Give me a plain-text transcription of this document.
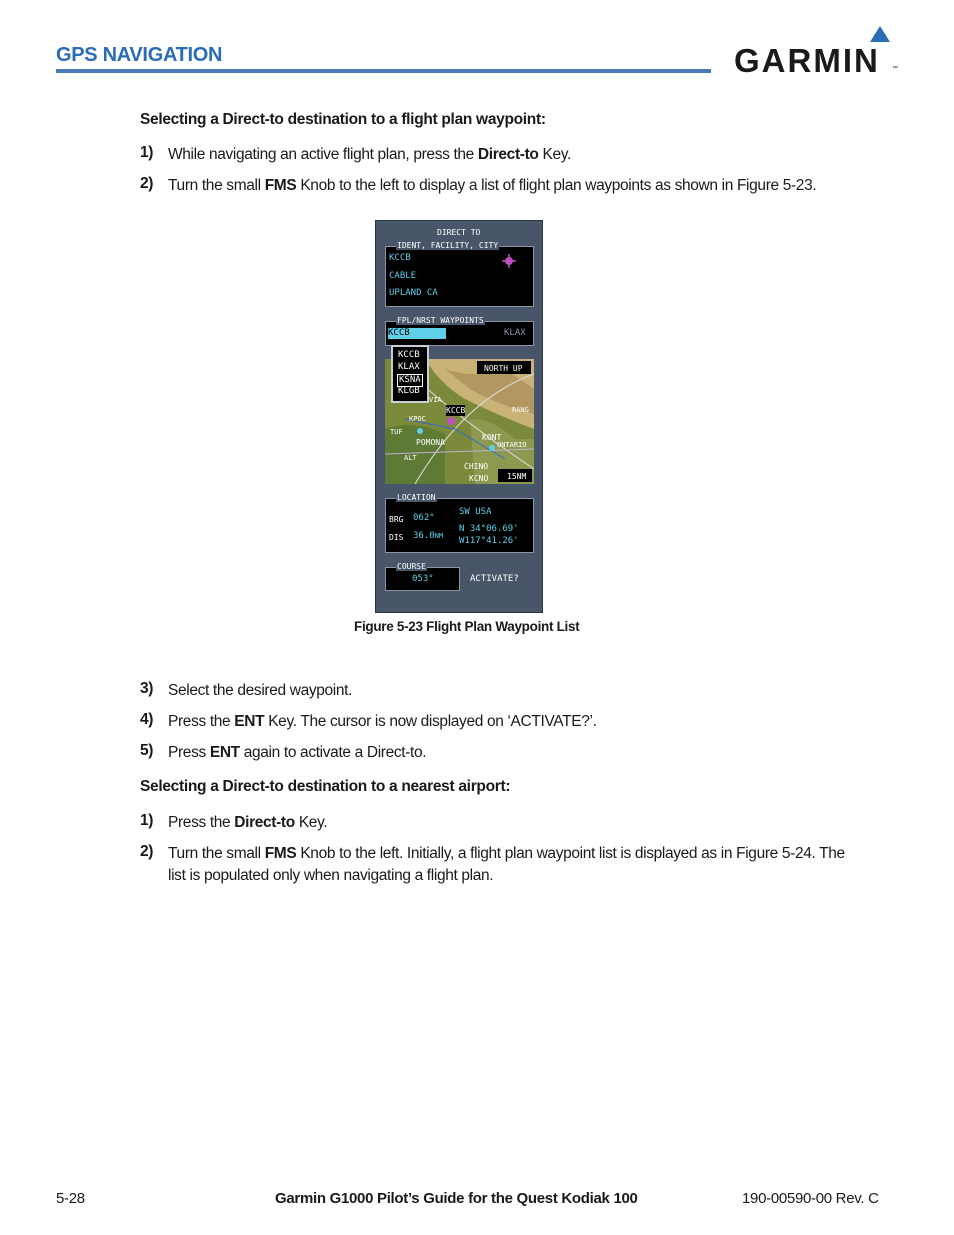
GPS NAVIGATION	GARMIN ™
Selecting a Direct-to destination to a flight plan waypoint:
1) While navigating an active flight plan, press the Direct-to Key.
2) Turn the small FMS Knob to the left to display a list of flight plan waypoints as shown in Figure 5-23.
DIRECT TO
IDENT, FACILITY, CITY
KCCB
CABLE
UPLAND CA
FPL/NRST WAYPOINTS
KCCB	KLAX
NORTH UP
KCCB
KONT
POMONA
CHINO
KCNO
ONTARIO
RANG
VIA
KPOC
TUF
ALT
15NM
KCCB
KLAX
KSNA
KLGB
LOCATION
BRG 062°
DIS 36.0NM
SW USA
N 34°06.69'
W117°41.26'
COURSE
053°	ACTIVATE?
Figure 5-23 Flight Plan Waypoint List
3) Select the desired waypoint.
4) Press the ENT Key. The cursor is now displayed on ‘ACTIVATE?’.
5) Press ENT again to activate a Direct-to.
Selecting a Direct-to destination to a nearest airport:
1) Press the Direct-to Key.
2) Turn the small FMS Knob to the left. Initially, a flight plan waypoint list is displayed as in Figure 5-24. The list is populated only when navigating a flight plan.
5-28	Garmin G1000 Pilot’s Guide for the Quest Kodiak 100	190-00590-00 Rev. C
